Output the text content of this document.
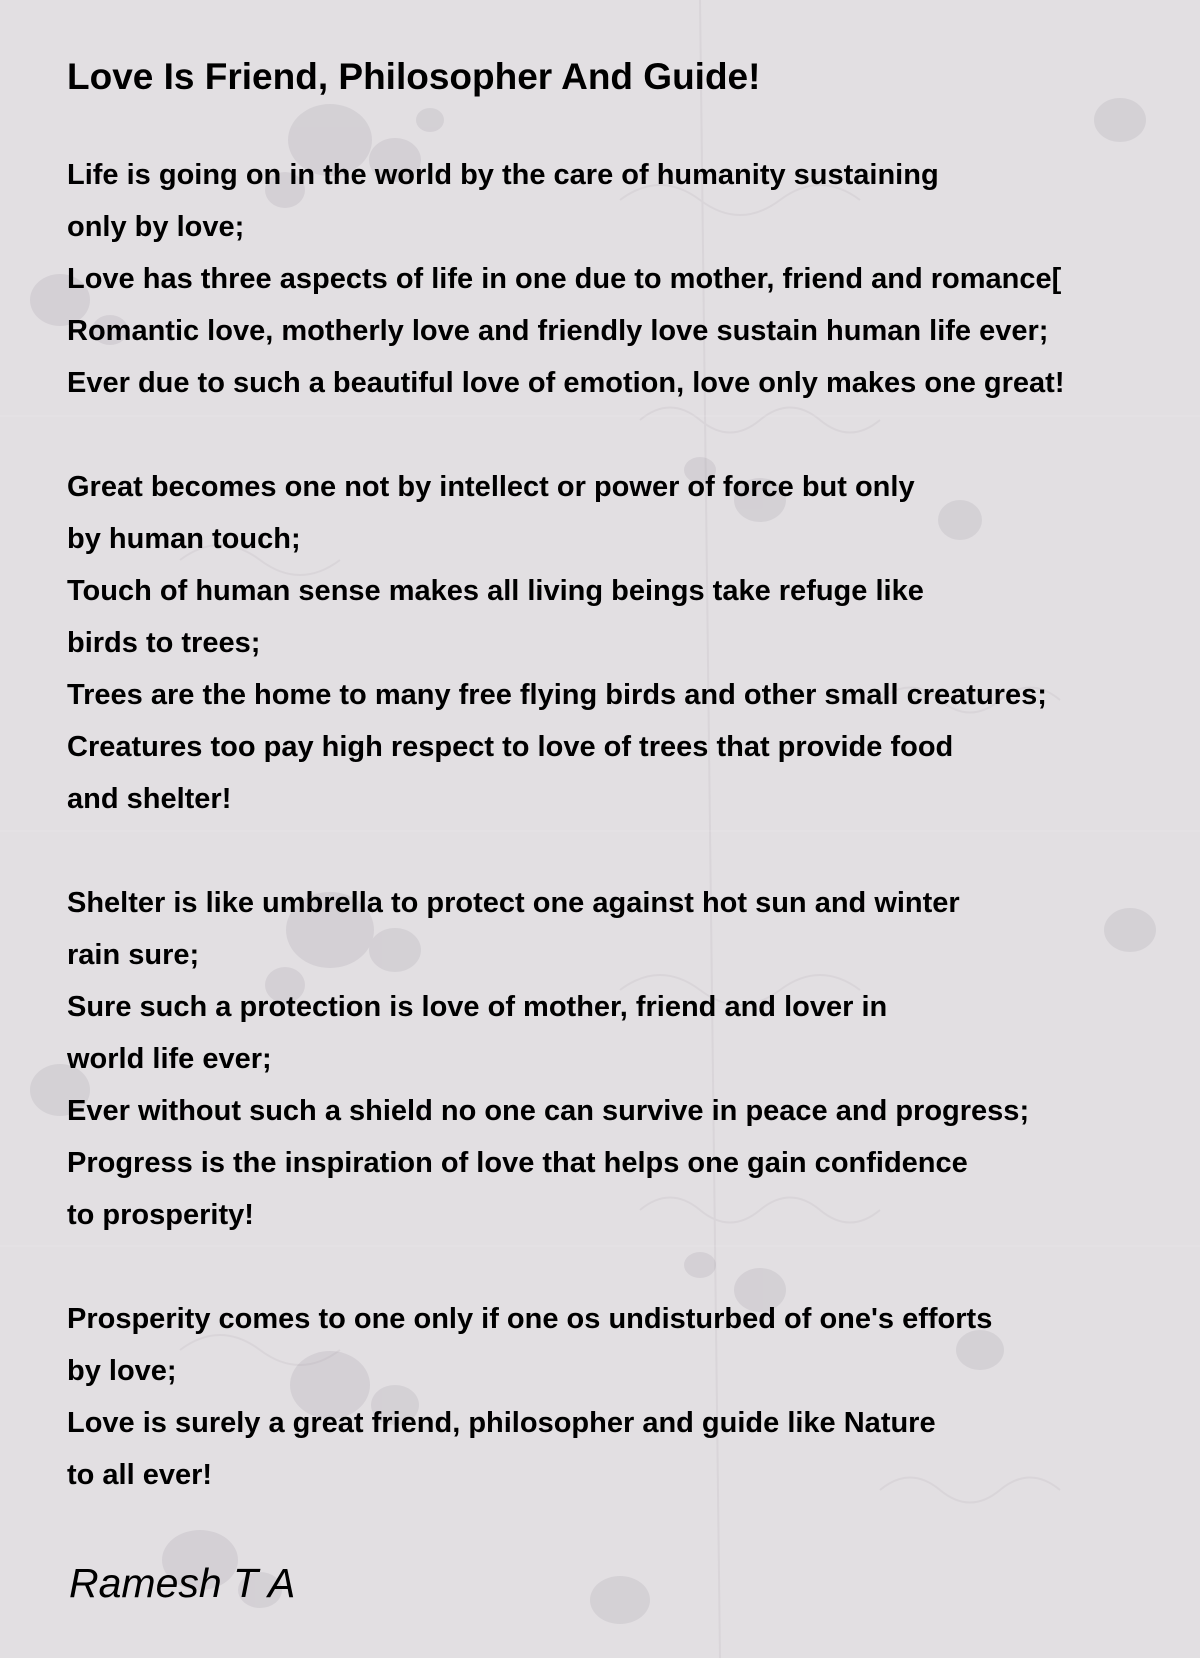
Love Is Friend, Philosopher And Guide!
Life is going on in the world by the care of humanity sustaining
only by love;
Love has three aspects of life in one due to mother, friend and romance[
Romantic love, motherly love and friendly love sustain human life ever;
Ever due to such a beautiful love of emotion, love only makes one great!
Great becomes one not by intellect or power of force but only
by human touch;
Touch of human sense makes all living beings take refuge like
birds to trees;
Trees are the home to many free flying birds and other small creatures;
Creatures too pay high respect to love of trees that provide food
and shelter!
Shelter is like umbrella to protect one against hot sun and winter
rain sure;
Sure such a protection is love of mother, friend and lover in
world life ever;
Ever without such a shield no one can survive in peace and progress;
Progress is the inspiration of love that helps one gain confidence
to prosperity!
Prosperity comes to one only if one os undisturbed of one's efforts
by love;
Love is surely a great friend, philosopher and guide like Nature
to all ever!

Ramesh T A
